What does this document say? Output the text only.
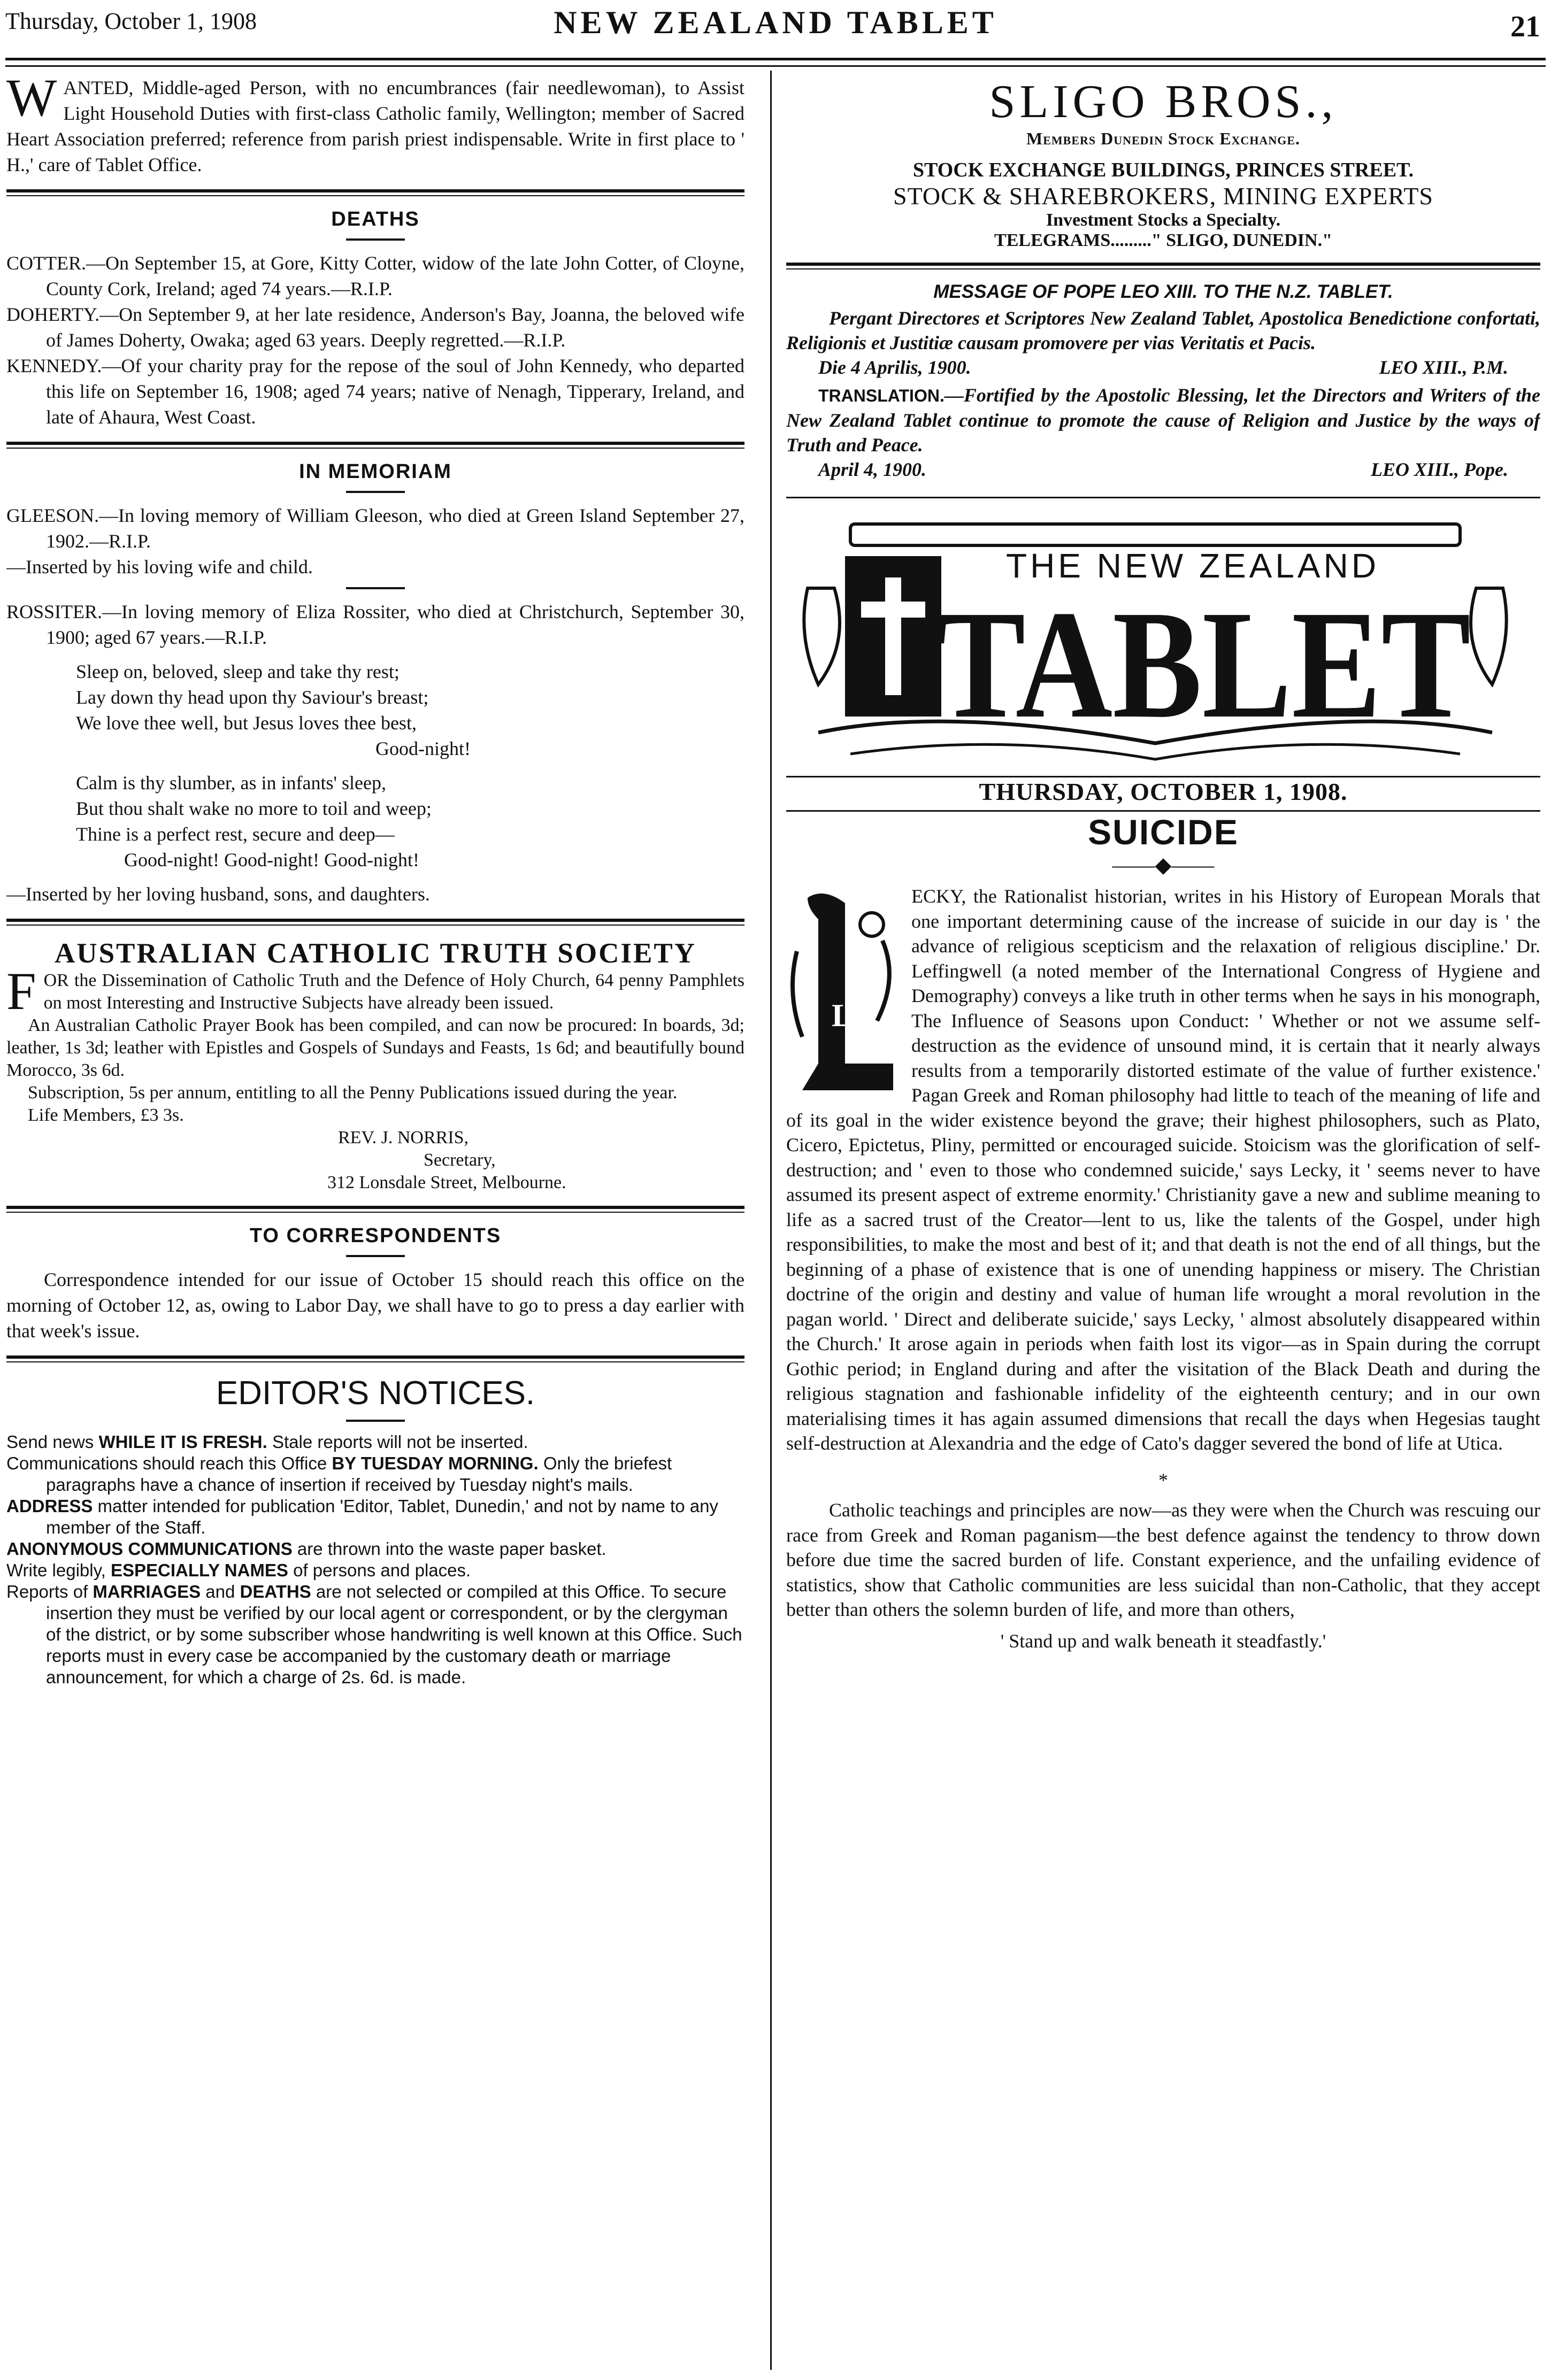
Thursday, October 1, 1908	NEW ZEALAND TABLET	21

WANTED, Middle-aged Person, with no encumbrances (fair needlewoman), to Assist Light Household Duties with first-class Catholic family, Wellington; member of Sacred Heart Association preferred; reference from parish priest indispensable. Write in first place to ' H.,' care of Tablet Office.

DEATHS

COTTER.—On September 15, at Gore, Kitty Cotter, widow of the late John Cotter, of Cloyne, County Cork, Ireland; aged 74 years.—R.I.P.

DOHERTY.—On September 9, at her late residence, Anderson's Bay, Joanna, the beloved wife of James Doherty, Owaka; aged 63 years. Deeply regretted.—R.I.P.

KENNEDY.—Of your charity pray for the repose of the soul of John Kennedy, who departed this life on September 16, 1908; aged 74 years; native of Nenagh, Tipperary, Ireland, and late of Ahaura, West Coast.

IN MEMORIAM

GLEESON.—In loving memory of William Gleeson, who died at Green Island September 27, 1902.—R.I.P.

—Inserted by his loving wife and child.

ROSSITER.—In loving memory of Eliza Rossiter, who died at Christchurch, September 30, 1900; aged 67 years.—R.I.P.

Sleep on, beloved, sleep and take thy rest;
Lay down thy head upon thy Saviour's breast;
We love thee well, but Jesus loves thee best,
Good-night!
Calm is thy slumber, as in infants' sleep,
But thou shalt wake no more to toil and weep;
Thine is a perfect rest, secure and deep—
Good-night! Good-night! Good-night!

—Inserted by her loving husband, sons, and daughters.

AUSTRALIAN CATHOLIC TRUTH SOCIETY

FOR the Dissemination of Catholic Truth and the Defence of Holy Church, 64 penny Pamphlets on most Interesting and Instructive Subjects have already been issued.

An Australian Catholic Prayer Book has been compiled, and can now be procured: In boards, 3d; leather, 1s 3d; leather with Epistles and Gospels of Sundays and Feasts, 1s 6d; and beautifully bound Morocco, 3s 6d.

Subscription, 5s per annum, entitling to all the Penny Publications issued during the year.

Life Members, £3 3s.

REV. J. NORRIS,

Secretary,

312 Lonsdale Street, Melbourne.

TO CORRESPONDENTS

Correspondence intended for our issue of October 15 should reach this office on the morning of October 12, as, owing to Labor Day, we shall have to go to press a day earlier with that week's issue.

EDITOR'S NOTICES.

Send news WHILE IT IS FRESH. Stale reports will not be inserted.

Communications should reach this Office BY TUESDAY MORNING. Only the briefest paragraphs have a chance of insertion if received by Tuesday night's mails.

ADDRESS matter intended for publication 'Editor, Tablet, Dunedin,' and not by name to any member of the Staff.

ANONYMOUS COMMUNICATIONS are thrown into the waste paper basket.

Write legibly, ESPECIALLY NAMES of persons and places.

Reports of MARRIAGES and DEATHS are not selected or compiled at this Office. To secure insertion they must be verified by our local agent or correspondent, or by the clergyman of the district, or by some subscriber whose handwriting is well known at this Office. Such reports must in every case be accompanied by the customary death or marriage announcement, for which a charge of 2s. 6d. is made.

SLIGO BROS.,

Members Dunedin Stock Exchange.

STOCK EXCHANGE BUILDINGS, PRINCES STREET.

STOCK & SHAREBROKERS, MINING EXPERTS

Investment Stocks a Specialty.

TELEGRAMS........." SLIGO, DUNEDIN."

MESSAGE OF POPE LEO XIII. TO THE N.Z. TABLET.

Pergant Directores et Scriptores New Zealand Tablet, Apostolica Benedictione confortati, Religionis et Justitiæ causam promovere per vias Veritatis et Pacis.

Die 4 Aprilis, 1900.	LEO XIII., P.M.

TRANSLATION.—Fortified by the Apostolic Blessing, let the Directors and Writers of the New Zealand Tablet continue to promote the cause of Religion and Justice by the ways of Truth and Peace.

April 4, 1900.	LEO XIII., Pope.

THE NEW ZEALAND
TABLET

THURSDAY, OCTOBER 1, 1908.

SUICIDE

——◆——
L

ECKY, the Rationalist historian, writes in his History of European Morals that one important determining cause of the increase of suicide in our day is ' the advance of religious scepticism and the relaxation of religious discipline.' Dr. Leffingwell (a noted member of the International Congress of Hygiene and Demography) conveys a like truth in other terms when he says in his monograph, The Influence of Seasons upon Conduct: ' Whether or not we assume self-destruction as the evidence of unsound mind, it is certain that it nearly always results from a temporarily distorted estimate of the value of further existence.' Pagan Greek and Roman philosophy had little to teach of the meaning of life and of its goal in the wider existence beyond the grave; their highest philosophers, such as Plato, Cicero, Epictetus, Pliny, permitted or encouraged suicide. Stoicism was the glorification of self-destruction; and ' even to those who condemned suicide,' says Lecky, it ' seems never to have assumed its present aspect of extreme enormity.' Christianity gave a new and sublime meaning to life as a sacred trust of the Creator—lent to us, like the talents of the Gospel, under high responsibilities, to make the most and best of it; and that death is not the end of all things, but the beginning of a phase of existence that is one of unending happiness or misery. The Christian doctrine of the origin and destiny and value of human life wrought a moral revolution in the pagan world. ' Direct and deliberate suicide,' says Lecky, ' almost absolutely disappeared within the Church.' It arose again in periods when faith lost its vigor—as in Spain during the corrupt Gothic period; in England during and after the visitation of the Black Death and during the religious stagnation and fashionable infidelity of the eighteenth century; and in our own materialising times it has again assumed dimensions that recall the days when Hegesias taught self-destruction at Alexandria and the edge of Cato's dagger severed the bond of life at Utica.

*

Catholic teachings and principles are now—as they were when the Church was rescuing our race from Greek and Roman paganism—the best defence against the tendency to throw down before due time the sacred burden of life. Constant experience, and the unfailing evidence of statistics, show that Catholic communities are less suicidal than non-Catholic, that they accept better than others the solemn burden of life, and more than others,

' Stand up and walk beneath it steadfastly.'
